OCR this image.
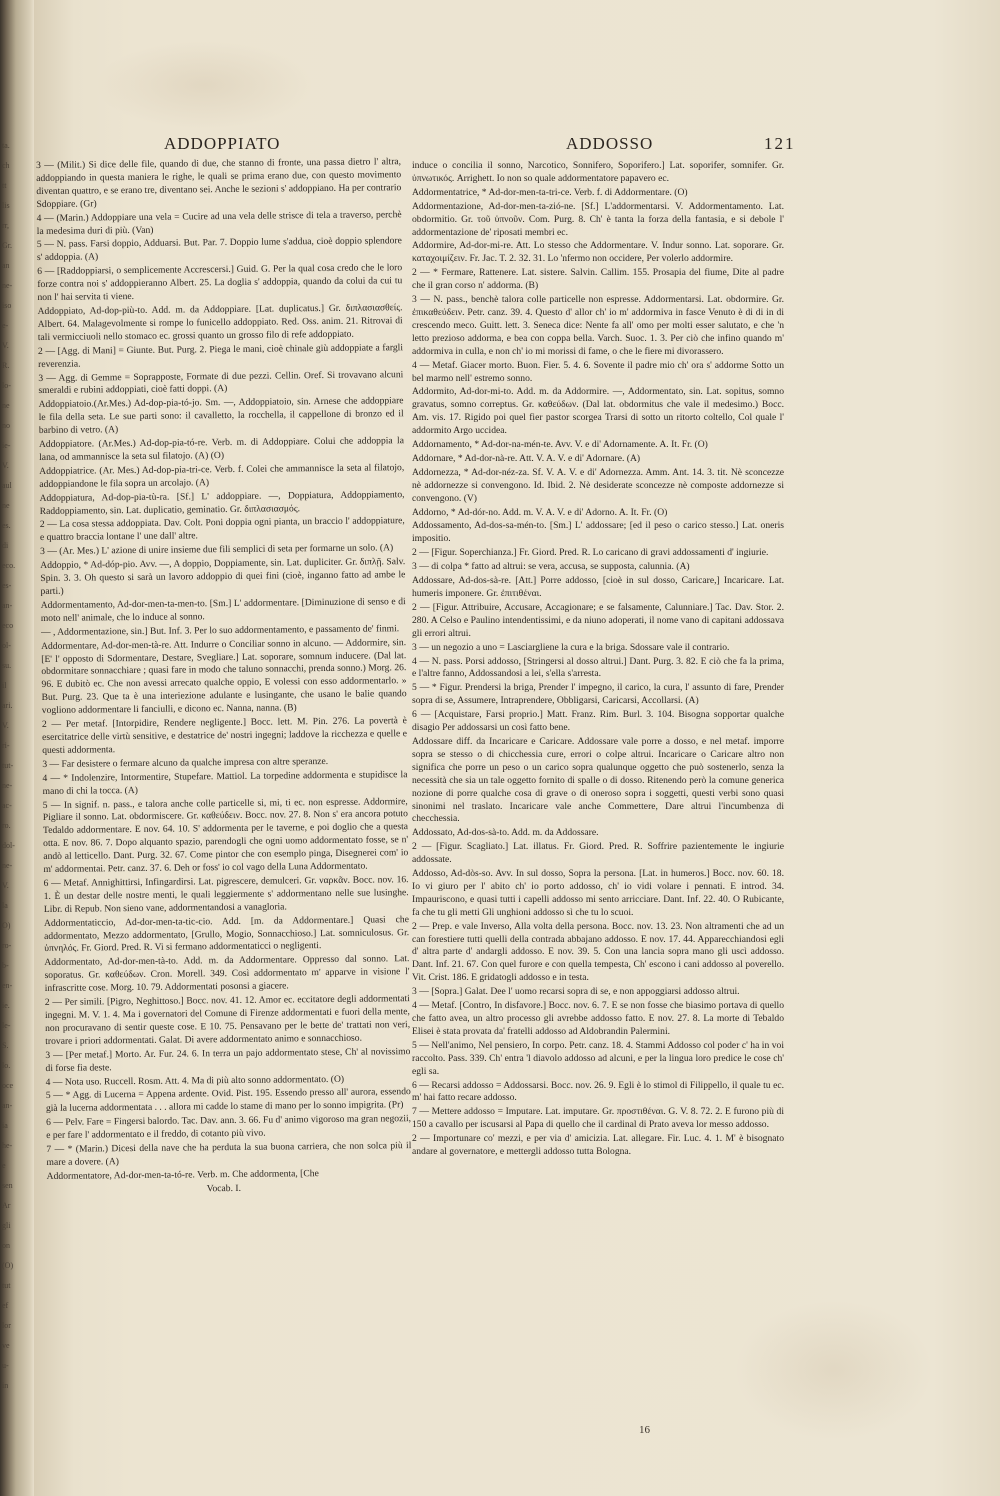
ta.
ch
tt
lis
rr,
Gr.
an
ne-
iso
e-
V.
R.
lo-
ne
no
ie-
V.
aul
ne
es.
di
eco.
es-
an-
eco
ol-
su.
il
ari.
V.
ri-
tut-
ne-
ac-
ro.
dol-
ne-
V.
la
O)
ro-
b-
en-
ie.
le-
S.
lo.
oce
an-
ia
he-
e
sen
Ar
gli
on
(O)
tut
ef
lor
ve
u-
in
ADDOPPIATO	ADDOSSO	121

3 — (Milit.) Si dice delle file, quando di due, che stanno di fronte, una passa dietro l' altra, addoppiando in questa maniera le righe, le quali se prima erano due, con questo movimento diventan quattro, e se erano tre, diventano sei. Anche le sezioni s' addoppiano. Ha per contrario Sdoppiare. (Gr)

4 — (Marin.) Addoppiare una vela = Cucire ad una vela delle strisce di tela a traverso, perchè la medesima duri di più. (Van)

5 — N. pass. Farsi doppio, Adduarsi. But. Par. 7. Doppio lume s'addua, cioè doppio splendore s' addoppia. (A)

6 — [Raddoppiarsi, o semplicemente Accrescersi.] Guid. G. Per la qual cosa credo che le loro forze contra noi s' addoppieranno Albert. 25. La doglia s' addoppia, quando da colui da cui tu non l' hai servita ti viene.

Addoppiato, Ad-dop-più-to. Add. m. da Addoppiare. [Lat. duplicatus.] Gr. διπλασιασθείς. Albert. 64. Malagevolmente si rompe lo funicello addoppiato. Red. Oss. anim. 21. Ritrovai di tali vermicciuoli nello stomaco ec. grossi quanto un grosso filo di refe addoppiato.

2 — [Agg. di Mani] = Giunte. But. Purg. 2. Piega le mani, cioè chinale giù addoppiate a fargli reverenzia.

3 — Agg. di Gemme = Soprapposte, Formate di due pezzi. Cellin. Oref. Si trovavano alcuni smeraldi e rubini addoppiati, cioè fatti doppi. (A)

Addoppiatoio.(Ar.Mes.) Ad-dop-pia-tó-jo. Sm. —, Addoppiatoio, sin. Arnese che addoppiare le fila della seta. Le sue parti sono: il cavalletto, la rocchella, il cappellone di bronzo ed il barbino di vetro. (A)

Addoppiatore. (Ar.Mes.) Ad-dop-pia-tó-re. Verb. m. di Addoppiare. Colui che addoppia la lana, od ammannisce la seta sul filatojo. (A) (O)

Addoppiatrice. (Ar. Mes.) Ad-dop-pia-tri-ce. Verb. f. Colei che ammannisce la seta al filatojo, addoppiandone le fila sopra un arcolajo. (A)

Addoppiatura, Ad-dop-pia-tù-ra. [Sf.] L' addoppiare. —, Doppiatura, Addoppiamento, Raddoppiamento, sin. Lat. duplicatio, geminatio. Gr. διπλασιασμός.

2 — La cosa stessa addoppiata. Dav. Colt. Poni doppia ogni pianta, un braccio l' addoppiature, e quattro braccia lontane l' une dall' altre.

3 — (Ar. Mes.) L' azione di unire insieme due fili semplici di seta per formarne un solo. (A)

Addoppio, * Ad-dóp-pio. Avv. —, A doppio, Doppiamente, sin. Lat. dupliciter. Gr. διπλῇ. Salv. Spin. 3. 3. Oh questo si sarà un lavoro addoppio di quei fini (cioè, inganno fatto ad ambe le parti.)

Addormentamento, Ad-dor-men-ta-men-to. [Sm.] L' addormentare. [Diminuzione di senso e di moto nell' animale, che lo induce al sonno.

— , Addormentazione, sin.] But. Inf. 3. Per lo suo addormentamento, e passamento de' finmi.

Addormentare, Ad-dor-men-tà-re. Att. Indurre o Conciliar sonno in alcuno. — Addormire, sin. [E' l' opposto di Sdormentare, Destare, Svegliare.] Lat. soporare, somnum inducere. (Dal lat. obdormitare sonnacchiare ; quasi fare in modo che taluno sonnacchi, prenda sonno.) Morg. 26. 96. E dubitò ec. Che non avessi arrecato qualche oppio, E volessi con esso addormentarlo. » But. Purg. 23. Que ta è una interiezione adulante e lusingante, che usano le balie quando vogliono addormentare li fanciulli, e dicono ec. Nanna, nanna. (B)

2 — Per metaf. [Intorpidire, Rendere negligente.] Bocc. lett. M. Pin. 276. La povertà è esercitatrice delle virtù sensitive, e destatrice de' nostri ingegni; laddove la ricchezza e quelle e questi addormenta.

3 — Far desistere o fermare alcuno da qualche impresa con altre speranze.

4 — * Indolenzire, Intormentire, Stupefare. Mattiol. La torpedine addormenta e stupidisce la mano di chi la tocca. (A)

5 — In signif. n. pass., e talora anche colle particelle si, mi, ti ec. non espresse. Addormire, Pigliare il sonno. Lat. obdormiscere. Gr. καθεύδειν. Bocc. nov. 27. 8. Non s' era ancora potuto Tedaldo addormentare. E nov. 64. 10. S' addormenta per le taverne, e poi doglio che a questa otta. E nov. 86. 7. Dopo alquanto spazio, parendogli che ogni uomo addormentato fosse, se n' andò al letticello. Dant. Purg. 32. 67. Come pintor che con esemplo pinga, Disegnerei com' io m' addormentai. Petr. canz. 37. 6. Deh or foss' io col vago della Luna Addormentato.

6 — Metaf. Annighittirsi, Infingardirsi. Lat. pigrescere, demulceri. Gr. ναρκᾶν. Bocc. nov. 16. 1. È un destar delle nostre menti, le quali leggiermente s' addormentano nelle sue lusinghe. Libr. di Repub. Non sieno vane, addormentandosi a vanagloria.

Addormentaticcio, Ad-dor-men-ta-tic-cio. Add. [m. da Addormentare.] Quasi che addormentato, Mezzo addormentato, [Grullo, Mogio, Sonnacchioso.] Lat. somniculosus. Gr. ὑπνηλός. Fr. Giord. Pred. R. Vi si fermano addormentaticci o negligenti.

Addormentato, Ad-dor-men-tà-to. Add. m. da Addormentare. Oppresso dal sonno. Lat. soporatus. Gr. καθεύδων. Cron. Morell. 349. Così addormentato m' apparve in visione l' infrascritte cose. Morg. 10. 79. Addormentati posonsi a giacere.

2 — Per simili. [Pigro, Neghittoso.] Bocc. nov. 41. 12. Amor ec. eccitatore degli addormentati ingegni. M. V. 1. 4. Ma i governatori del Comune di Firenze addormentati e fuori della mente, non procuravano di sentir queste cose. E 10. 75. Pensavano per le bette de' trattati non veri, trovare i priori addormentati. Galat. Di avere addormentato animo e sonnacchioso.

3 — [Per metaf.] Morto. Ar. Fur. 24. 6. In terra un pajo addormentato stese, Ch' al novissimo di forse fia deste.

4 — Nota uso. Ruccell. Rosm. Att. 4. Ma di più alto sonno addormentato. (O)

5 — * Agg. di Lucerna = Appena ardente. Ovid. Pist. 195. Essendo presso all' aurora, essendo già la lucerna addormentata . . . allora mi cadde lo stame di mano per lo sonno impigrita. (Pr)

6 — Pelv. Fare = Fingersi balordo. Tac. Dav. ann. 3. 66. Fu d' animo vigoroso ma gran negozii, e per fare l' addormentato e il freddo, di cotanto più vivo.

7 — * (Marin.) Dicesi della nave che ha perduta la sua buona carriera, che non solca più il mare a dovere. (A)

Addormentatore, Ad-dor-men-ta-tó-re. Verb. m. Che addormenta, [Che

Vocab. I.

induce o concilia il sonno, Narcotico, Sonnifero, Soporifero.] Lat. soporifer, somnifer. Gr. ὑπνωτικός. Arrighett. Io non so quale addormentatore papavero ec.

Addormentatrice, * Ad-dor-men-ta-tri-ce. Verb. f. di Addormentare. (O)

Addormentazione, Ad-dor-men-ta-zió-ne. [Sf.] L'addormentarsi. V. Addormentamento. Lat. obdormitio. Gr. τοῦ ὑπνοῦν. Com. Purg. 8. Ch' è tanta la forza della fantasia, e si debole l' addormentazione de' riposati membri ec.

Addormire, Ad-dor-mi-re. Att. Lo stesso che Addormentare. V. Indur sonno. Lat. soporare. Gr. καταχοιμίζειν. Fr. Jac. T. 2. 32. 31. Lo 'nfermo non occidere, Per volerlo addormire.

2 — * Fermare, Rattenere. Lat. sistere. Salvin. Callim. 155. Prosapia del fiume, Dite al padre che il gran corso n' addorma. (B)

3 — N. pass., benchè talora colle particelle non espresse. Addormentarsi. Lat. obdormire. Gr. ἐπικαθεύδειν. Petr. canz. 39. 4. Questo d' allor ch' io m' addormiva in fasce Venuto è di di in di crescendo meco. Guitt. lett. 3. Seneca dice: Nente fa all' omo per molti esser salutato, e che 'n letto prezioso addorma, e bea con coppa bella. Varch. Suoc. 1. 3. Per ciò che infino quando m' addormiva in culla, e non ch' io mi morissi di fame, o che le fiere mi divorassero.

4 — Metaf. Giacer morto. Buon. Fier. 5. 4. 6. Sovente il padre mio ch' ora s' addorme Sotto un bel marmo nell' estremo sonno.

Addormito, Ad-dor-mi-to. Add. m. da Addormire. —, Addormentato, sin. Lat. sopitus, somno gravatus, somno correptus. Gr. καθεύδων. (Dal lat. obdormitus che vale il medesimo.) Bocc. Am. vis. 17. Rigido poi quel fier pastor scorgea Trarsi di sotto un ritorto coltello, Col quale l' addormito Argo uccidea.

Addornamento, * Ad-dor-na-mén-te. Avv. V. e di' Adornamente. A. It. Fr. (O)

Addornare, * Ad-dor-nà-re. Att. V. A. V. e di' Adornare. (A)

Addornezza, * Ad-dor-néz-za. Sf. V. A. V. e di' Adornezza. Amm. Ant. 14. 3. tit. Nè sconcezze nè addornezze si convengono. Id. Ibid. 2. Nè desiderate sconcezze nè composte addornezze si convengono. (V)

Addorno, * Ad-dór-no. Add. m. V. A. V. e di' Adorno. A. It. Fr. (O)

Addossamento, Ad-dos-sa-mén-to. [Sm.] L' addossare; [ed il peso o carico stesso.] Lat. oneris impositio.

2 — [Figur. Soperchianza.] Fr. Giord. Pred. R. Lo caricano di gravi addossamenti d' ingiurie.

3 — di colpa * fatto ad altrui: se vera, accusa, se supposta, calunnia. (A)

Addossare, Ad-dos-sà-re. [Att.] Porre addosso, [cioè in sul dosso, Caricare,] Incaricare. Lat. humeris imponere. Gr. ἐπιτιθέναι.

2 — [Figur. Attribuire, Accusare, Accagionare; e se falsamente, Calunniare.] Tac. Dav. Stor. 2. 280. A Celso e Paulino intendentissimi, e da niuno adoperati, il nome vano di capitani addossava gli errori altrui.

3 — un negozio a uno = Lasciargliene la cura e la briga. Sdossare vale il contrario.

4 — N. pass. Porsi addosso, [Stringersi al dosso altrui.] Dant. Purg. 3. 82. E ciò che fa la prima, e l'altre fanno, Addossandosi a lei, s'ella s'arresta.

5 — * Figur. Prendersi la briga, Prender l' impegno, il carico, la cura, l' assunto di fare, Prender sopra di se, Assumere, Intraprendere, Obbligarsi, Caricarsi, Accollarsi. (A)

6 — [Acquistare, Farsi proprio.] Matt. Franz. Rim. Burl. 3. 104. Bisogna sopportar qualche disagio Per addossarsi un così fatto bene.

Addossare diff. da Incaricare e Caricare. Addossare vale porre a dosso, e nel metaf. imporre sopra se stesso o di chicchessia cure, errori o colpe altrui. Incaricare o Caricare altro non significa che porre un peso o un carico sopra qualunque oggetto che può sostenerlo, senza la necessità che sia un tale oggetto fornito di spalle o di dosso. Ritenendo però la comune generica nozione di porre qualche cosa di grave o di oneroso sopra i soggetti, questi verbi sono quasi sinonimi nel traslato. Incaricare vale anche Commettere, Dare altrui l'incumbenza di checchessia.

Addossato, Ad-dos-sà-to. Add. m. da Addossare.

2 — [Figur. Scagliato.] Lat. illatus. Fr. Giord. Pred. R. Soffrire pazientemente le ingiurie addossate.

Addosso, Ad-dòs-so. Avv. In sul dosso, Sopra la persona. [Lat. in humeros.] Bocc. nov. 60. 18. Io vi giuro per l' abito ch' io porto addosso, ch' io vidi volare i pennati. E introd. 34. Impauriscono, e quasi tutti i capelli addosso mi sento arricciare. Dant. Inf. 22. 40. O Rubicante, fa che tu gli metti Gli unghioni addosso sì che tu lo scuoi.

2 — Prep. e vale Inverso, Alla volta della persona. Bocc. nov. 13. 23. Non altramenti che ad un can forestiere tutti quelli della contrada abbajano addosso. E nov. 17. 44. Apparecchiandosi egli d' altra parte d' andargli addosso. E nov. 39. 5. Con una lancia sopra mano gli uscì addosso. Dant. Inf. 21. 67. Con quel furore e con quella tempesta, Ch' escono i cani addosso al poverello. Vit. Crist. 186. E gridatogli addosso e in testa.

3 — [Sopra.] Galat. Dee l' uomo recarsi sopra di se, e non appoggiarsi addosso altrui.

4 — Metaf. [Contro, In disfavore.] Bocc. nov. 6. 7. E se non fosse che biasimo portava di quello che fatto avea, un altro processo gli avrebbe addosso fatto. E nov. 27. 8. La morte di Tebaldo Elisei è stata provata da' fratelli addosso ad Aldobrandin Palermini.

5 — Nell'animo, Nel pensiero, In corpo. Petr. canz. 18. 4. Stammi Addosso col poder c' ha in voi raccolto. Pass. 339. Ch' entra 'l diavolo addosso ad alcuni, e per la lingua loro predice le cose ch' egli sa.

6 — Recarsi addosso = Addossarsi. Bocc. nov. 26. 9. Egli è lo stimol di Filippello, il quale tu ec. m' hai fatto recare addosso.

7 — Mettere addosso = Imputare. Lat. imputare. Gr. προστιθέναι. G. V. 8. 72. 2. E furono più di 150 a cavallo per iscusarsi al Papa di quello che il cardinal di Prato aveva lor messo addosso.

2 — Importunare co' mezzi, e per via d' amicizia. Lat. allegare. Fir. Luc. 4. 1. M' è bisognato andare al governatore, e mettergli addosso tutta Bologna.

16
